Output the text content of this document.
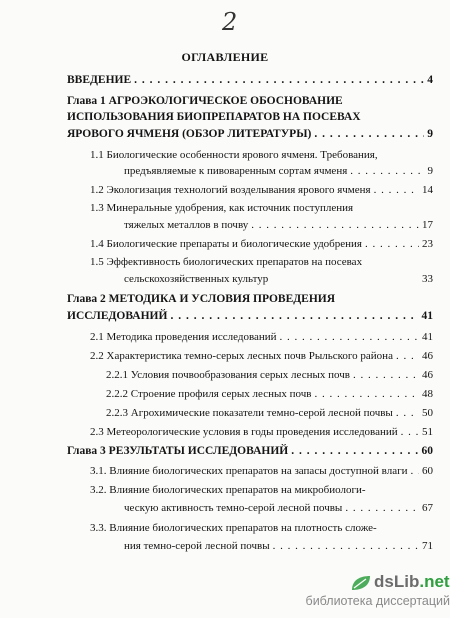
2
ОГЛАВЛЕНИЕ
ВВЕДЕНИЕ . . .	4
Глава 1 АГРОЭКОЛОГИЧЕСКОЕ ОБОСНОВАНИЕ
ИСПОЛЬЗОВАНИЯ БИОПРЕПАРАТОВ НА ПОСЕВАХ
ЯРОВОГО ЯЧМЕНЯ (ОБЗОР ЛИТЕРАТУРЫ) . . .	9
1.1 Биологические особенности ярового ячменя. Требования,
предъявляемые к пивоваренным сортам ячменя . . .	9
1.2 Экологизация технологий возделывания ярового ячменя . . .	14
1.3 Минеральные удобрения, как источник поступления
тяжелых металлов в почву . . .	17
1.4 Биологические препараты и биологические удобрения . . .	23
1.5 Эффективность биологических препаратов на посевах
сельскохозяйственных культур	33
Глава 2 МЕТОДИКА И УСЛОВИЯ ПРОВЕДЕНИЯ
ИССЛЕДОВАНИЙ . . .	41
2.1 Методика проведения исследований . . .	41
2.2 Характеристика темно-серых лесных почв Рыльского района . . .	46
2.2.1 Условия почвообразования серых лесных почв . . .	46
2.2.2 Строение профиля серых лесных почв . . .	48
2.2.3 Агрохимические показатели темно-серой лесной почвы . . .	50
2.3 Метеорологические условия в годы проведения исследований . . . 51
Глава 3 РЕЗУЛЬТАТЫ ИССЛЕДОВАНИЙ . . .	60
3.1. Влияние биологических препаратов на запасы доступной влаги . . . 60
3.2. Влияние биологических препаратов на микробиологи-
ческую активность темно-серой лесной почвы . . .	67
3.3. Влияние биологических препаратов на плотность сложе-
ния темно-серой лесной почвы . . .	71
dsLib.net
библиотека диссертаций
